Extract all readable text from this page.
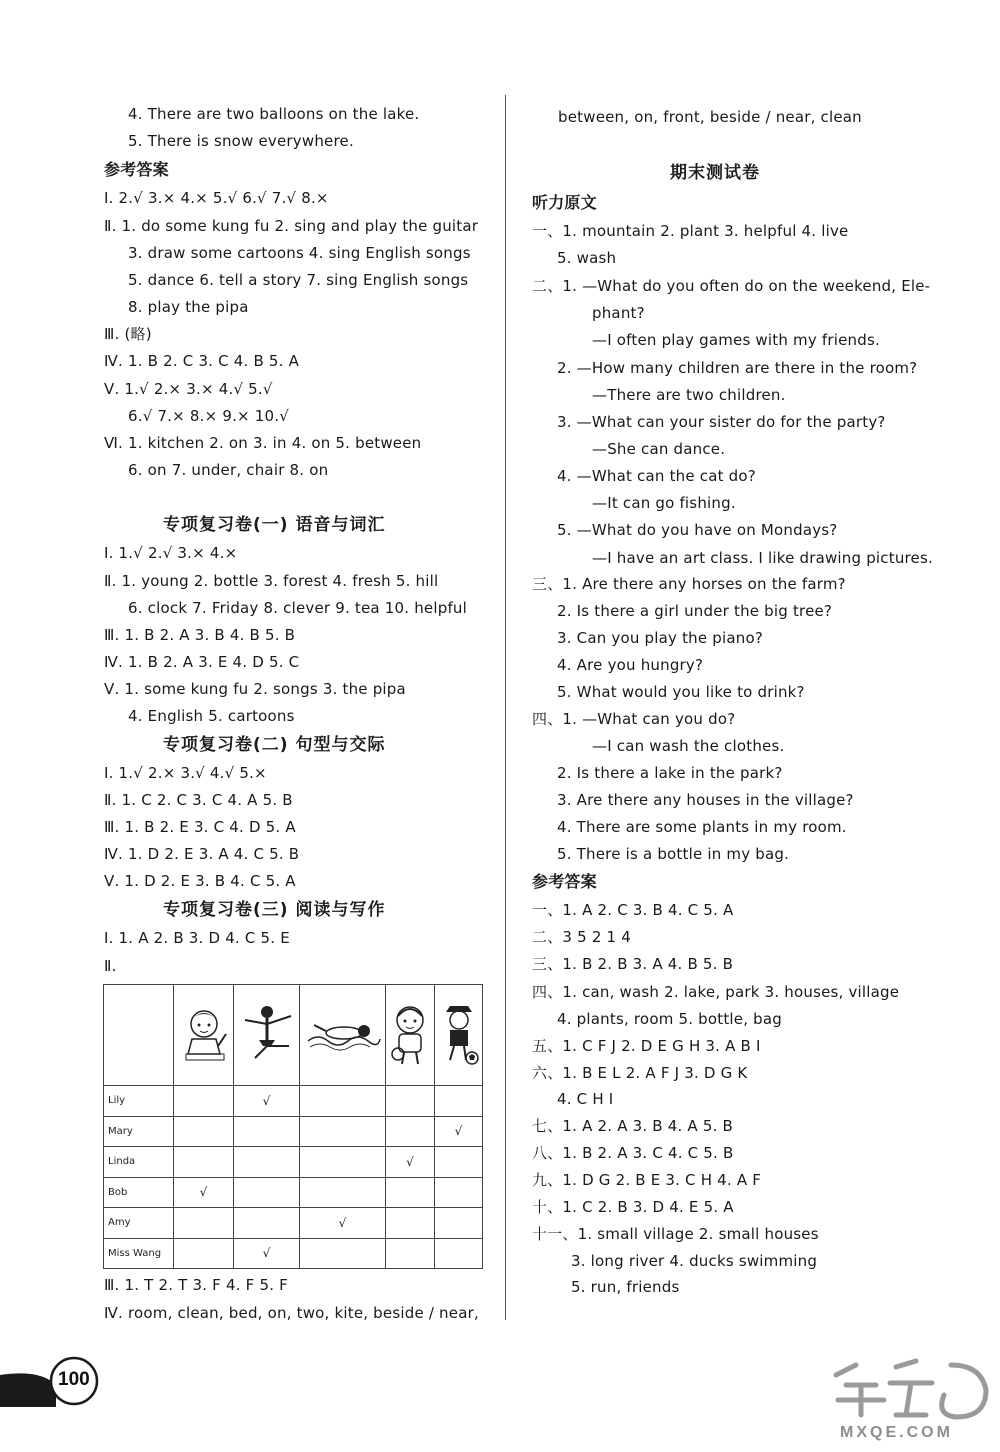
4. There are two balloons on the lake.
5. There is snow everywhere.
参考答案
Ⅰ. 2.√ 3.× 4.× 5.√ 6.√ 7.√ 8.×
Ⅱ. 1. do some kung fu 2. sing and play the guitar
3. draw some cartoons 4. sing English songs
5. dance 6. tell a story 7. sing English songs
8. play the pipa
Ⅲ. (略)
Ⅳ. 1. B 2. C 3. C 4. B 5. A
Ⅴ. 1.√ 2.× 3.× 4.√ 5.√
6.√ 7.× 8.× 9.× 10.√
Ⅵ. 1. kitchen 2. on 3. in 4. on 5. between
6. on 7. under, chair 8. on
专项复习卷(一) 语音与词汇
Ⅰ. 1.√ 2.√ 3.× 4.×
Ⅱ. 1. young 2. bottle 3. forest 4. fresh 5. hill
6. clock 7. Friday 8. clever 9. tea 10. helpful
Ⅲ. 1. B 2. A 3. B 4. B 5. B
Ⅳ. 1. B 2. A 3. E 4. D 5. C
Ⅴ. 1. some kung fu 2. songs 3. the pipa
4. English 5. cartoons
专项复习卷(二) 句型与交际
Ⅰ. 1.√ 2.× 3.√ 4.√ 5.×
Ⅱ. 1. C 2. C 3. C 4. A 5. B
Ⅲ. 1. B 2. E 3. C 4. D 5. A
Ⅳ. 1. D 2. E 3. A 4. C 5. B
Ⅴ. 1. D 2. E 3. B 4. C 5. A
专项复习卷(三) 阅读与写作
Ⅰ. 1. A 2. B 3. D 4. C 5. E
Ⅱ.

Lily		√			
Mary					√
Linda				√	
Bob	√				
Amy			√		
Miss Wang		√			
Ⅲ. 1. T 2. T 3. F 4. F 5. F
Ⅳ. room, clean, bed, on, two, kite, beside / near,
between, on, front, beside / near, clean
期末测试卷
听力原文
一、1. mountain 2. plant 3. helpful 4. live
5. wash
二、1. —What do you often do on the weekend, Ele-
phant?
—I often play games with my friends.
2. —How many children are there in the room?
—There are two children.
3. —What can your sister do for the party?
—She can dance.
4. —What can the cat do?
—It can go fishing.
5. —What do you have on Mondays?
—I have an art class. I like drawing pictures.
三、1. Are there any horses on the farm?
2. Is there a girl under the big tree?
3. Can you play the piano?
4. Are you hungry?
5. What would you like to drink?
四、1. —What can you do?
—I can wash the clothes.
2. Is there a lake in the park?
3. Are there any houses in the village?
4. There are some plants in my room.
5. There is a bottle in my bag.
参考答案
一、1. A 2. C 3. B 4. C 5. A
二、3 5 2 1 4
三、1. B 2. B 3. A 4. B 5. B
四、1. can, wash 2. lake, park 3. houses, village
4. plants, room 5. bottle, bag
五、1. C F J 2. D E G H 3. A B I
六、1. B E L 2. A F J 3. D G K
4. C H I
七、1. A 2. A 3. B 4. A 5. B
八、1. B 2. A 3. C 4. C 5. B
九、1. D G 2. B E 3. C H 4. A F
十、1. C 2. B 3. D 4. E 5. A
十一、1. small village 2. small houses
3. long river 4. ducks swimming
5. run, friends
100
MXQE.COM
